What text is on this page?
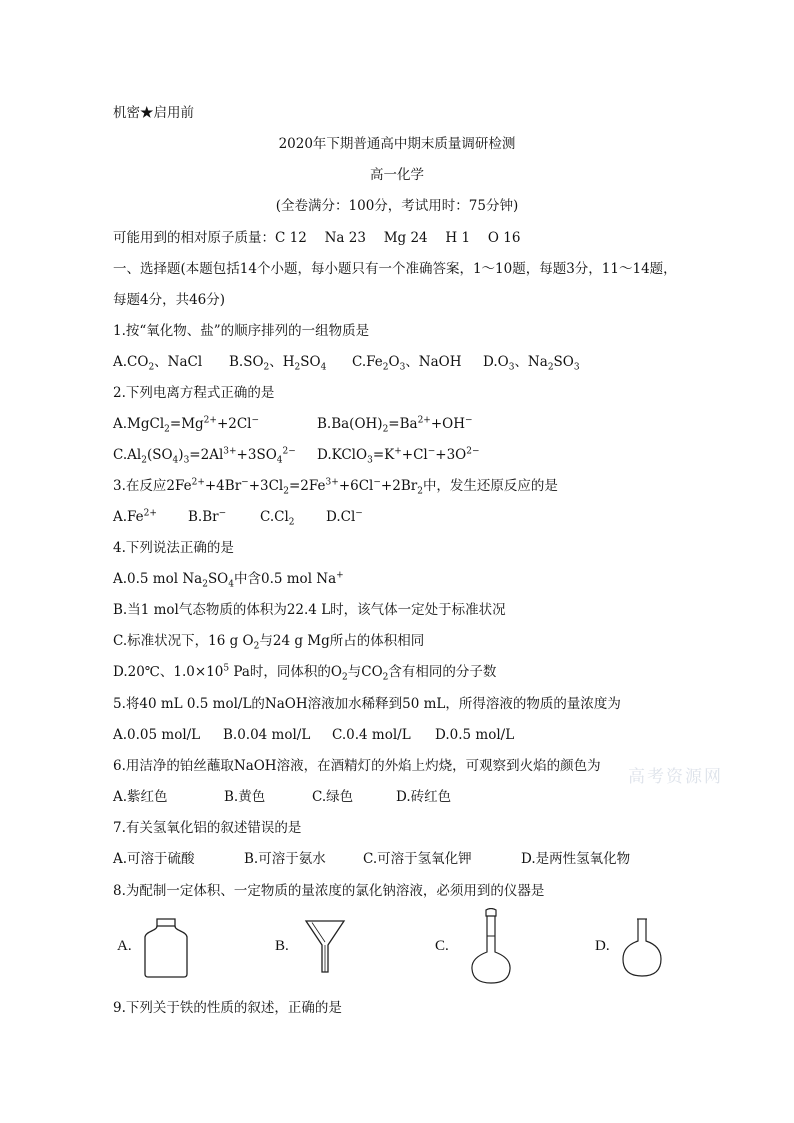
机密★启用前
2020年下期普通高中期末质量调研检测
高一化学
(全卷满分：100分，考试用时：75分钟)
可能用到的相对原子质量：C 12　 Na 23　 Mg 24　 H 1　 O 16
一、选择题(本题包括14个小题，每小题只有一个准确答案，1～10题，每题3分，11～14题，
每题4分，共46分)
1.按“氧化物、盐”的顺序排列的一组物质是
$A.CO_2$、NaCl $B.SO_2$、$H_2SO_4$ $C.Fe_2O_3$、NaOH $D.O_3$、$Na_2SO_3$
2.下列电离方程式正确的是
$A.MgCl_2=Mg^{2+}+2Cl^-$	$B.Ba(OH)_2=Ba^{2+}+OH^-$
$C.Al_2(SO_4)_3=2Al^{3+}+3SO_4^{2-}$ $D.KClO_3=K^++Cl^-+3O^{2-}$
3.在反应$2Fe^{2+}+4Br^-+3Cl_2=2Fe^{3+}+6Cl^-+2Br_2$中，发生还原反应的是
$A.Fe^{2+}$ B.Br−	$C.Cl_2$ D.Cl−
4.下列说法正确的是
A.0.5 mol $Na_2SO_4$中含0.5 mol Na+
B.当1 mol气态物质的体积为22.4 L时，该气体一定处于标准状况
C.标准状况下，16 g $O_2$与24 g Mg所占的体积相同
D.20℃、$1.0\times 10^5$ Pa时，同体积的$O_2$与$CO_2$含有相同的分子数
5.将40 mL 0.5 mol/L的NaOH溶液加水稀释到50 mL，所得溶液的物质的量浓度为
A.0.05 mol/L B.0.04 mol/L C.0.4 mol/L D.0.5 mol/L
6.用洁净的铂丝蘸取NaOH溶液，在酒精灯的外焰上灼烧，可观察到火焰的颜色为
高考资源网
A.紫红色	B.黄色	C.绿色	D.砖红色
7.有关氢氧化铝的叙述错误的是
A.可溶于硫酸	B.可溶于氨水	C.可溶于氢氧化钾	D.是两性氢氧化物
8.为配制一定体积、一定物质的量浓度的氯化钠溶液，必须用到的仪器是
A.	B.	C.	D.
9.下列关于铁的性质的叙述，正确的是
